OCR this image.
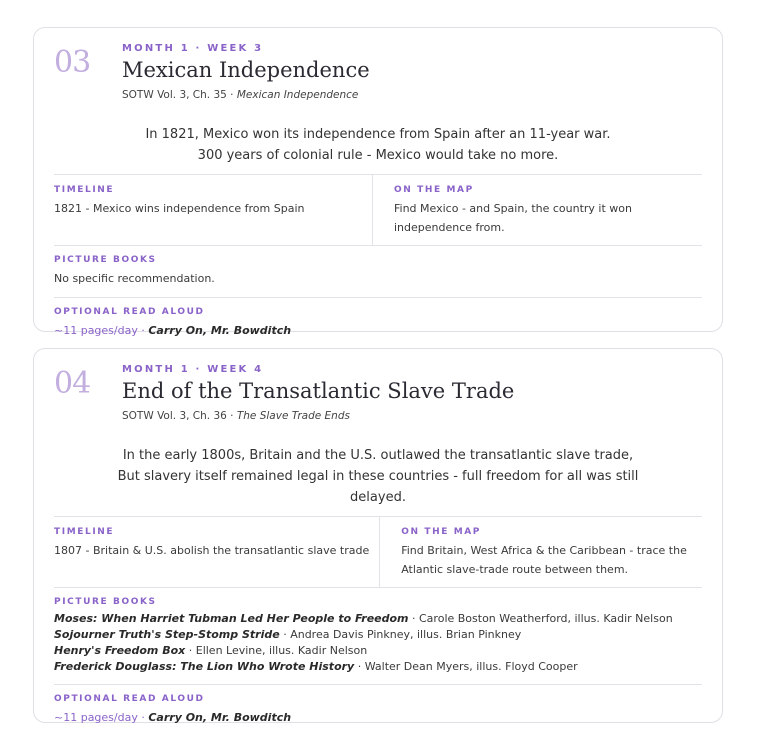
03	MONTH 1 · WEEK 3
Mexican Independence
SOTW Vol. 3, Ch. 35 · Mexican Independence
In 1821, Mexico won its independence from Spain after an 11-year war.
300 years of colonial rule - Mexico would take no more.
TIMELINE
1821 - Mexico wins independence from Spain
ON THE MAP
Find Mexico - and Spain, the country it won
independence from.
PICTURE BOOKS
No specific recommendation.
OPTIONAL READ ALOUD
~11 pages/day · Carry On, Mr. Bowditch
04	MONTH 1 · WEEK 4
End of the Transatlantic Slave Trade
SOTW Vol. 3, Ch. 36 · The Slave Trade Ends
In the early 1800s, Britain and the U.S. outlawed the transatlantic slave trade,
But slavery itself remained legal in these countries - full freedom for all was still
delayed.
TIMELINE
1807 - Britain & U.S. abolish the transatlantic slave trade
ON THE MAP
Find Britain, West Africa & the Caribbean - trace the
Atlantic slave-trade route between them.
PICTURE BOOKS
Moses: When Harriet Tubman Led Her People to Freedom · Carole Boston Weatherford, illus. Kadir Nelson
Sojourner Truth's Step-Stomp Stride · Andrea Davis Pinkney, illus. Brian Pinkney
Henry's Freedom Box · Ellen Levine, illus. Kadir Nelson
Frederick Douglass: The Lion Who Wrote History · Walter Dean Myers, illus. Floyd Cooper
OPTIONAL READ ALOUD
~11 pages/day · Carry On, Mr. Bowditch
